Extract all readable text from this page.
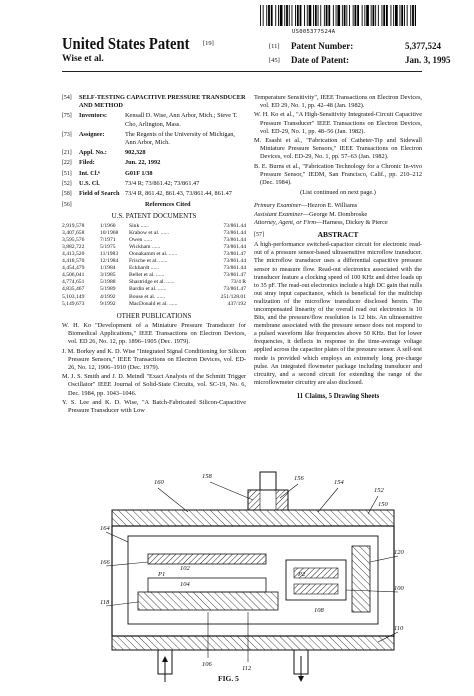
US005377524A
United States Patent [19]
Wise et al.
[11] Patent Number:	5,377,524
[45] Date of Patent:	Jan. 3, 1995
[54]	SELF-TESTING CAPACITIVE PRESSURE TRANSDUCER AND METHOD
[75]	Inventors:	Kensall D. Wise, Ann Arbor, Mich.; Steve T. Cho, Arlington, Mass.
[73]	Assignee:	The Regents of the University of Michigan, Ann Arbor, Mich.
[21]	Appl. No.:	902,328
[22]	Filed:	Jun. 22, 1992
[51]	Int. Cl.⁶	G01F 1/38
[52]	U.S. Cl.	73/4 R; 73/861.42; 73/861.47
[58]	Field of Search 73/4 R, 861.42, 861.43, 73/861.44, 861.47
[56]	References Cited
U.S. PATENT DOCUMENTS
2,919,578	1/1960	Sink ......	73/861.44
3,407,658	10/1968	Krabow et al. ......	73/861.44
3,595,576	7/1971	Owen ......	73/861.44
3,882,722	5/1975	Wickham ......	73/861.44
4,413,520	11/1983	Oonakamm et al. ......	73/861.47
4,418,570	12/1984	Frische et al. ......	73/861.44
4,454,479	1/1984	Eckhardt ......	73/861.44
4,506,041	3/1985	Bellet et al. ......	73/861.47
4,774,651	5/1988	Shastridge et al. ......	73/4 R
4,835,467	5/1989	Bardin et al. ......	73/861.47
5,103,149	4/1992	Bouse et al. ......	251/128.01
5,149,673	9/1992	MacDonald et al. ......	437/192
OTHER PUBLICATIONS
W. H. Ko "Development of a Miniature Pressure Transducer for Biomedical Applications," IEEE Transactions on Electron Devices, vol. ED 26, No. 12, pp. 1896–1905 (Dec. 1979).
J. M. Borkey and K. D. Wise "Integrated Signal Conditioning for Silicon Pressure Sensors," IEEE Transactions on Electron Devices, vol. ED-26, No. 12, 1906–1910 (Dec. 1979).
M. J. S. Smith and J. D. Meindl "Exact Analysis of the Schmitt Trigger Oscillator" IEEE Journal of Solid-State Circuits, vol. SC-19, No. 6, Dec. 1984, pp. 1043–1046.
Y. S. Lee and K. D. Wise, "A Batch-Fabricated Silicon-Capacitive Pressure Transducer with Low
Temperature Sensitivity", IEEE Transactions on Electron Devices, vol. ED 29, No. 1, pp. 42–48 (Jan. 1982).
W. H. Ko et al., "A High-Sensitivity Integrated-Circuit Capacitive Pressure Transducer" IEEE Transactions on Electron Devices, vol. ED-29, No. 1, pp. 48–56 (Jan. 1982).
M. Esashi et al., "Fabrication of Catheter-Tip and Sidewall Miniature Pressure Sensors," IEEE Transactions on Electron Devices, vol. ED-29, No. 1, pp. 57–63 (Jan. 1982).
B. E. Burns et al., "Fabrication Technology for a Chronic In-vivo Pressure Sensor," IEDM, San Francisco, Calif., pp. 210–212 (Dec. 1984).
(List continued on next page.)
Primary Examiner—Hezron E. Williams
Assistant Examiner—George M. Dombroske
Attorney, Agent, or Firm—Harness, Dickey & Pierce
[57]	ABSTRACT
A high-performance switched-capacitor circuit for electronic read-out of a pressure sensor-based ultrasensitive microflow transducer. The microflow transducer uses a differential capacitive pressure sensor to measure flow. Read-out electronics associated with the transducer feature a clocking speed of 100 KHz and drive loads up to 35 pF. The read-out electronics include a high DC gain that nulls out stray input capacitance, which is beneficial for the multichip realization of the microflow transducer disclosed herein. The uncompensated linearity of the overall read out electronics is 10 Bits, and the pressure/flow resolution is 12 bits. An ultrasensitive membrane associated with the pressure sensor does not respond to a pulsed waveform like frequencies above 50 KHz. But for lower frequencies, it deflects in response to the time-average voltage applied across the capacitor plates of the pressure sensor. A self-test mode is provided which employs an extremely long pre-charge pulse. An integrated flowmeter package including transducer and circuitry, and a second circuit for extending the range of the microflowmeter circuitry are also disclosed.
11 Claims, 5 Drawing Sheets
160
158	156
154
152
150
164
166
118
120
100
110
106
112
102
104
108
P1	P2
FIG. 5
